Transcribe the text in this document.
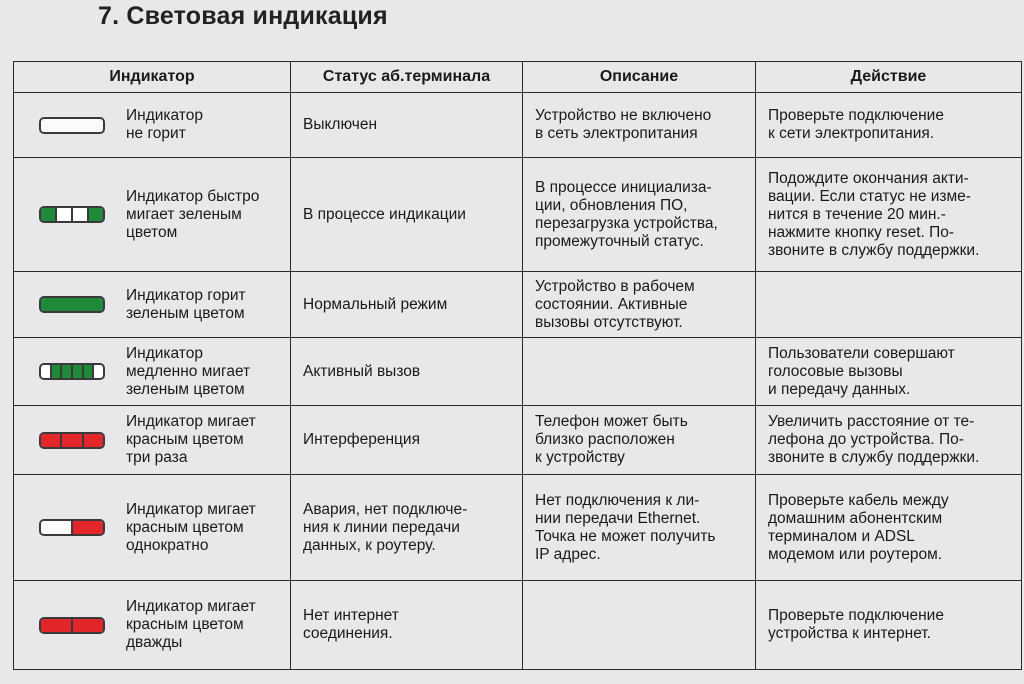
7. Световая индикация
Индикатор	Статус аб.терминала	Описание	Действие

Индикатор
не горит	Выключен	Устройство не включено
в сеть электропитания	Проверьте подключение
к сети электропитания.

Индикатор быстро
мигает зеленым
цветом	В процессе индикации	В процессе инициализа-
ции, обновления ПО,
перезагрузка устройства,
промежуточный статус.	Подождите окончания акти-
вации. Если статус не изме-
нится в течение 20 мин.-
нажмите кнопку reset. По-
звоните в службу поддержки.

Индикатор горит
зеленым цветом	Нормальный режим	Устройство в рабочем
состоянии. Активные
вызовы отсутствуют.	

Индикатор
медленно мигает
зеленым цветом	Активный вызов		Пользователи совершают
голосовые вызовы
и передачу данных.

Индикатор мигает
красным цветом
три раза	Интерференция	Телефон может быть
близко расположен
к устройству	Увеличить расстояние от те-
лефона до устройства. По-
звоните в службу поддержки.

Индикатор мигает
красным цветом
однократно	Авария, нет подключе-
ния к линии передачи
данных, к роутеру.	Нет подключения к ли-
нии передачи Ethernet.
Точка не может получить
IP адрес.	Проверьте кабель между
домашним абонентским
терминалом и ADSL
модемом или роутером.

Индикатор мигает
красным цветом
дважды	Нет интернет
соединения.		Проверьте подключение
устройства к интернет.
